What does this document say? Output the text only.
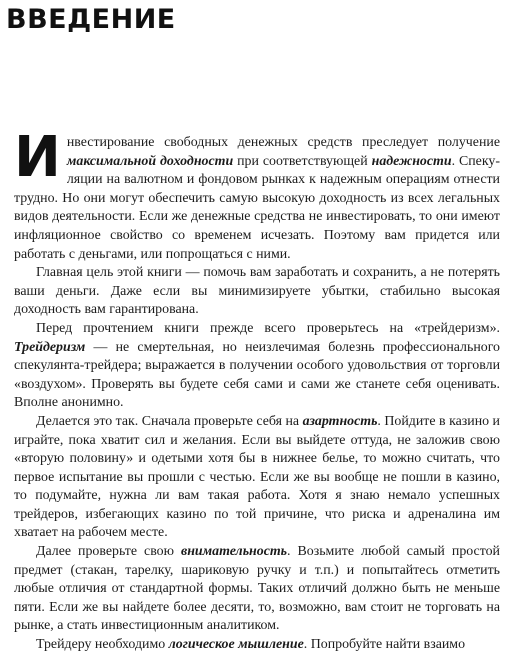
ВВЕДЕНИЕ

Инвестирование свободных денежных средств преследует получение максимальной доходности при соответствующей надежности. Спекуляции на валютном и фондовом рынках к надежным операциям отнести трудно. Но они могут обеспечить самую высокую доходность из всех легальных видов деятельности. Если же денежные средства не инвестировать, то они имеют инфляционное свойство со временем исчезать. Поэтому вам придется или работать с деньгами, или попрощаться с ними.

Главная цель этой книги — помочь вам заработать и сохранить, а не потерять ваши деньги. Даже если вы минимизируете убытки, стабильно высокая доходность вам гарантирована.

Перед прочтением книги прежде всего проверьтесь на «трейдеризм». Трейдеризм — не смертельная, но неизлечимая болезнь профессионального спекулянта-трейдера; выражается в получении особого удовольствия от торговли «воздухом». Проверять вы будете себя сами и сами же станете себя оценивать. Вполне анонимно.

Делается это так. Сначала проверьте себя на азартность. Пойдите в казино и играйте, пока хватит сил и желания. Если вы выйдете оттуда, не заложив свою «вторую половину» и одетыми хотя бы в нижнее белье, то можно считать, что первое испытание вы прошли с честью. Если же вы вообще не пошли в казино, то подумайте, нужна ли вам такая работа. Хотя я знаю немало успешных трейдеров, избегающих казино по той причине, что риска и адреналина им хватает на рабочем месте.

Далее проверьте свою внимательность. Возьмите любой самый простой предмет (стакан, тарелку, шариковую ручку и т.п.) и попытайтесь отметить любые отличия от стандартной формы. Таких отличий должно быть не меньше пяти. Если же вы найдете более десяти, то, возможно, вам стоит не торговать на рынке, а стать инвестиционным аналитиком.

Трейдеру необходимо логическое мышление. Попробуйте найти взаимо
